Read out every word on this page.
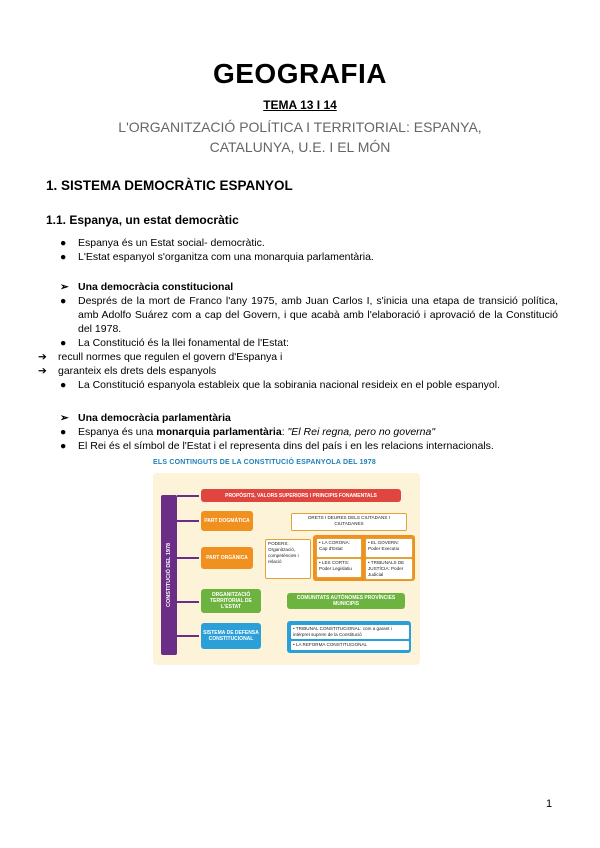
GEOGRAFIA
TEMA 13 I 14
L'ORGANITZACIÓ POLÍTICA I TERRITORIAL: ESPANYA, CATALUNYA, U.E. I EL MÓN
1. SISTEMA DEMOCRÀTIC ESPANYOL
1.1. Espanya, un estat democràtic
● Espanya és un Estat social- democràtic.
● L'Estat espanyol s'organitza com una monarquia parlamentària.
➢ Una democràcia constitucional
● Després de la mort de Franco l'any 1975, amb Juan Carlos I, s'inicia una etapa de transició política, amb Adolfo Suárez com a cap del Govern, i que acabà amb l'elaboració i aprovació de la Constitució del 1978.
● La Constitució és la llei fonamental de l'Estat:
➔ recull normes que regulen el govern d'Espanya i
➔ garanteix els drets dels espanyols
● La Constitució espanyola estableix que la sobirania nacional resideix en el poble espanyol.
➢ Una democràcia parlamentària
● Espanya és una monarquia parlamentària: "El Rei regna, pero no governa"
● El Rei és el símbol de l'Estat i el representa dins del país i en les relacions internacionals.
ELS CONTINGUTS DE LA CONSTITUCIÓ ESPANYOLA DEL 1978
CONSTITUCIÓ DEL 1978
PROPÒSITS, VALORS SUPERIORS I PRINCIPIS FONAMENTALS
PART DOGMÀTICA
DRETS I DEURES DELS CIUTADANS I CIUTADANES
PART ORGÀNICA
PODERS: Organització, competències i relació
• LA CORONA: Cap d'Estat
• LES CORTS: Poder Legislatiu
• EL GOVERN: Poder Executiu
• TRIBUNALS DE JUSTÍCIA: Poder Judicial
ORGANITZACIÓ TERRITORIAL DE L'ESTAT
COMUNITATS AUTÒNOMES PROVÍNCIES MUNICIPIS
SISTEMA DE DEFENSA CONSTITUCIONAL
• TRIBUNAL CONSTITUCIONAL: com a garant i intèrpret suprem de la Constitució
• LA REFORMA CONSTITUCIONAL
1
